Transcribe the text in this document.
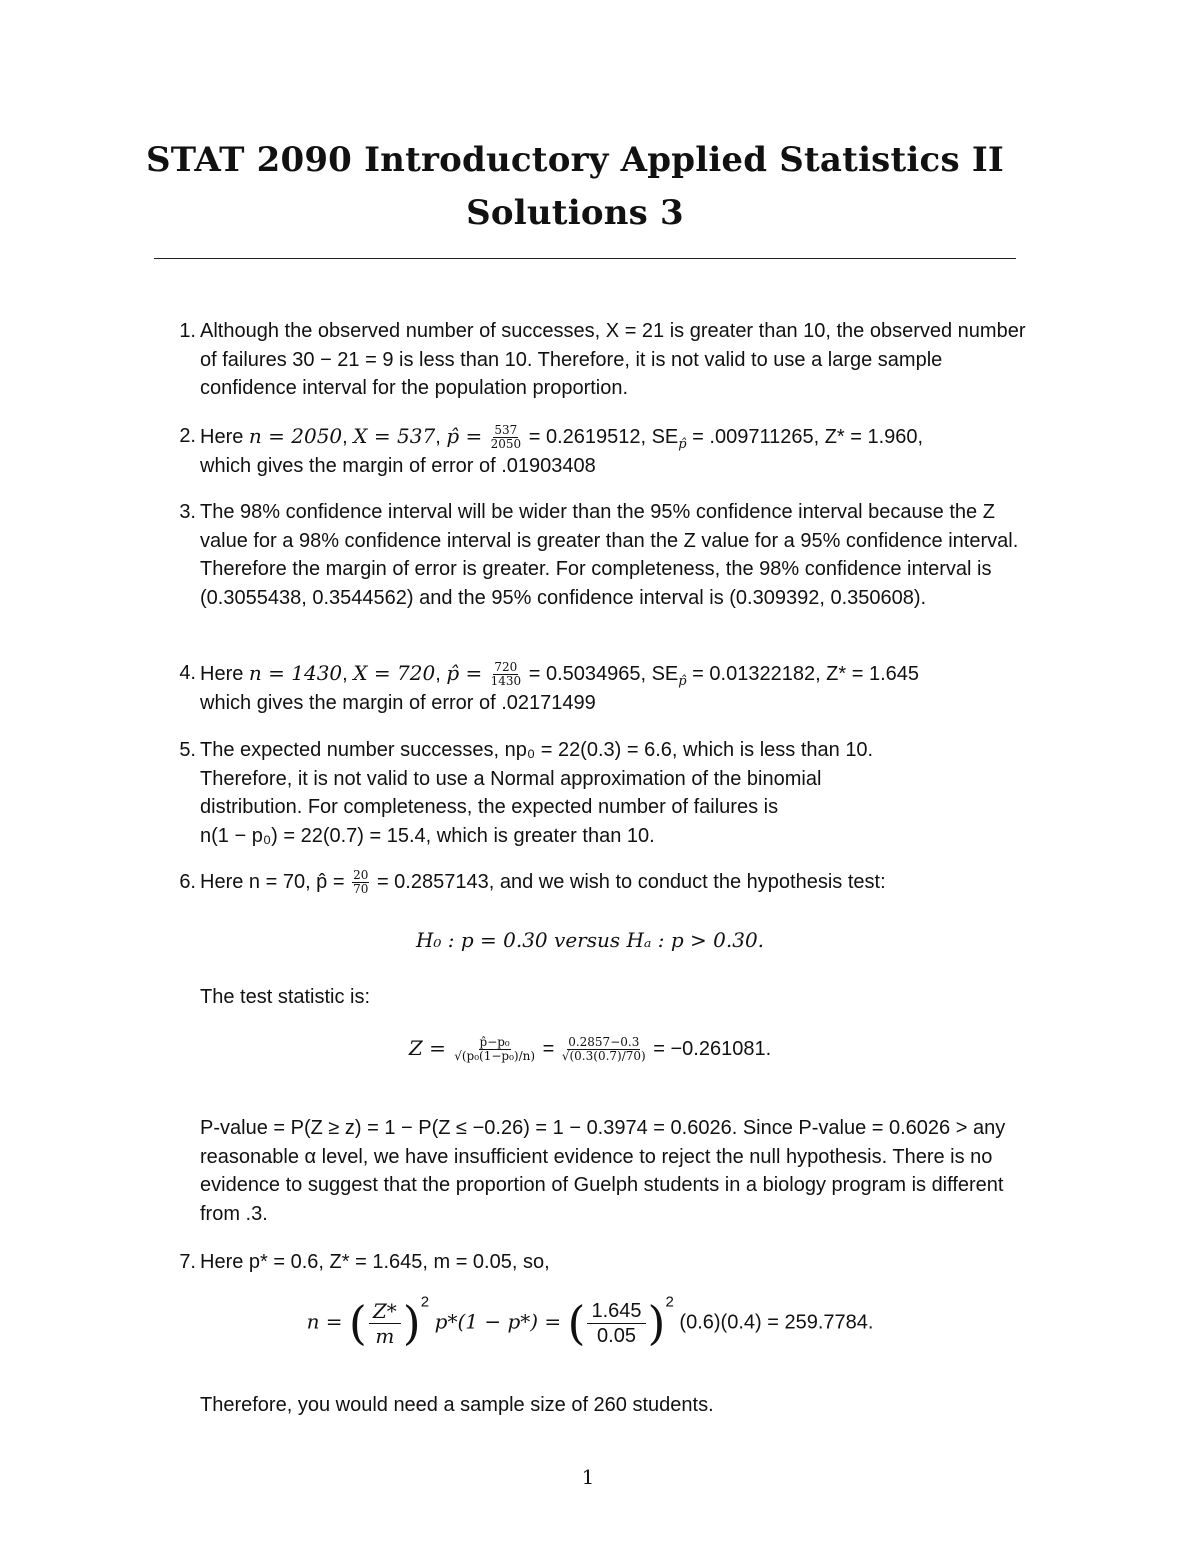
STAT 2090 Introductory Applied Statistics II
Solutions 3
1. Although the observed number of successes, X = 21 is greater than 10, the observed number of failures 30 − 21 = 9 is less than 10. Therefore, it is not valid to use a large sample confidence interval for the population proportion.
2. Here n = 2050, X = 537, p̂ = $\frac{537}{2050} = 0.2619512$, $SE_{p̂} = .009711265$, Z* = 1.960,
which gives the margin of error of .01903408
3. The 98% confidence interval will be wider than the 95% confidence interval because the Z value for a 98% confidence interval is greater than the Z value for a 95% confidence interval. Therefore the margin of error is greater. For completeness, the 98% confidence interval is (0.3055438, 0.3544562) and the 95% confidence interval is (0.309392, 0.350608).
4. Here n = 1430, X = 720, p̂ = $\frac{720}{1430} = 0.5034965$, $SE_{p̂} = 0.01322182$, Z* = 1.645
which gives the margin of error of .02171499
5. The expected number successes, np₀ = 22(0.3) = 6.6, which is less than 10.
Therefore, it is not valid to use a Normal approximation of the binomial
distribution. For completeness, the expected number of failures is
n(1 − p₀) = 22(0.7) = 15.4, which is greater than 10.
6. Here n = 70, p̂ = $\frac{20}{70} = 0.2857143$, and we wish to conduct the hypothesis test:
H₀ : p = 0.30 versus Hₐ : p > 0.30.
The test statistic is:
$Z = \frac{\text{p̂−p₀}}{\text{√(p₀(1−p₀)/n)}} = \frac{0.2857-0.3}{√(0.3(0.7)/70)} = -0.261081$.
P-value = P(Z ≥ z) = 1 − P(Z ≤ −0.26) = 1 − 0.3974 = 0.6026. Since P-value = 0.6026 > any reasonable α level, we have insufficient evidence to reject the null hypothesis. There is no evidence to suggest that the proportion of Guelph students in a biology program is different from .3.
7. Here p* = 0.6, Z* = 1.645, m = 0.05, so,
n = ( $\frac{Z*}{m} )^2$ p*(1 − p*) = ( $\frac{1.645}{0.05} )^2$ (0.6)(0.4) = 259.7784.
Therefore, you would need a sample size of 260 students.
1
